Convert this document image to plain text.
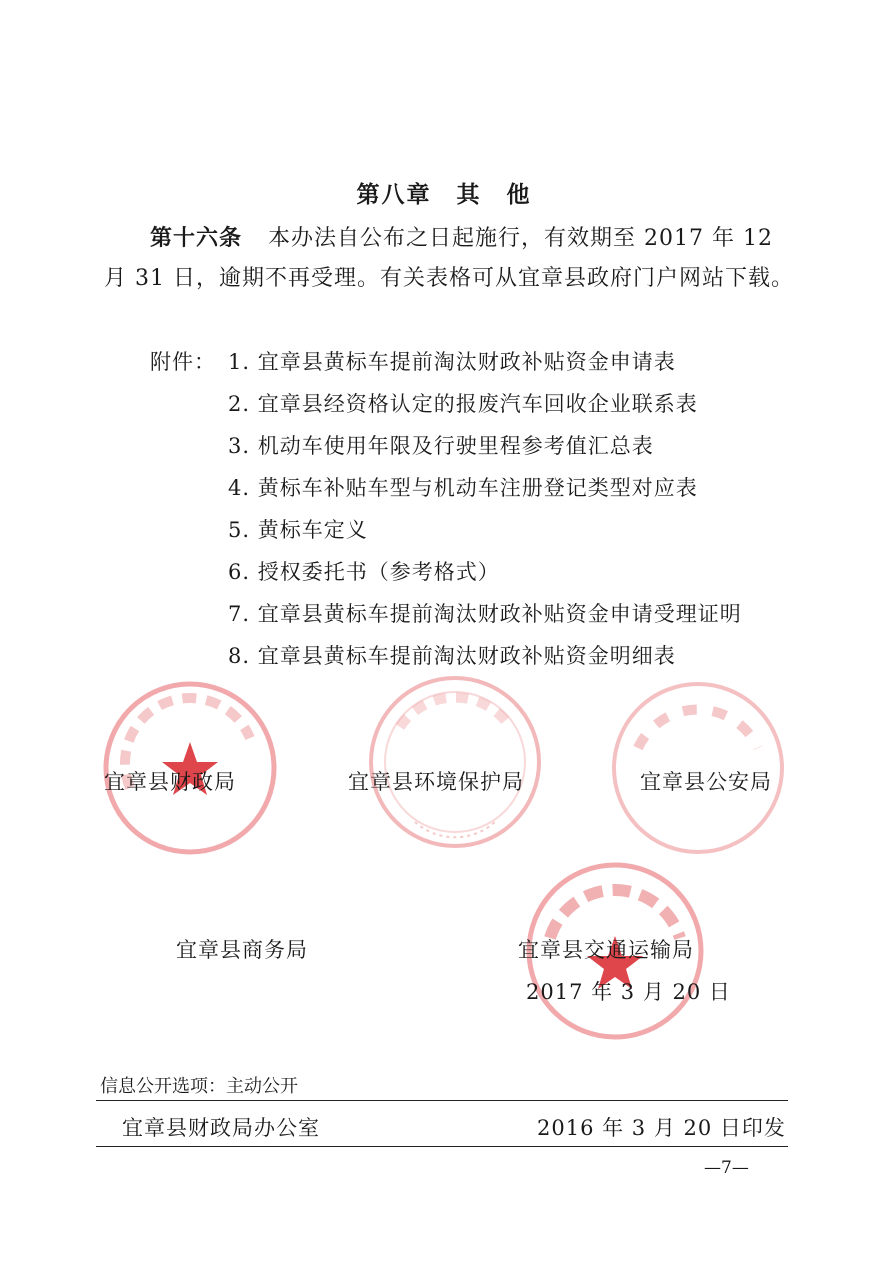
第八章　其　他
第十六条 本办法自公布之日起施行，有效期至 2017 年 12
月 31 日，逾期不再受理。有关表格可从宜章县政府门户网站下载。
附件： 1. 宜章县黄标车提前淘汰财政补贴资金申请表
2. 宜章县经资格认定的报废汽车回收企业联系表
3. 机动车使用年限及行驶里程参考值汇总表
4. 黄标车补贴车型与机动车注册登记类型对应表
5. 黄标车定义
6. 授权委托书（参考格式）
7. 宜章县黄标车提前淘汰财政补贴资金申请受理证明
8. 宜章县黄标车提前淘汰财政补贴资金明细表
宜章县财政局	宜章县环境保护局	宜章县公安局
宜章县商务局	宜章县交通运输局
2017 年 3 月 20 日
信息公开选项：主动公开
宜章县财政局办公室	2016 年 3 月 20 日印发
—7—
